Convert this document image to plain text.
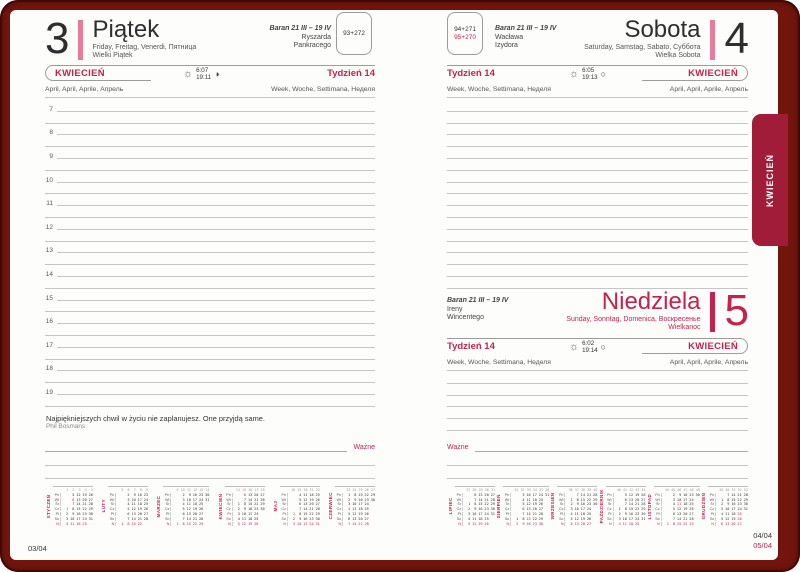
93+272
94+271
95+270
3 Piątek
Friday, Freitag, Venerdi, Пятница
Wielki Piątek
Baran 21 III – 19 IV
Ryszarda
Pankracego
KWIECIEŃ	Tydzień 14
☼ 6:07
19:11 ◑
April, April, Aprile, Апрель	Week, Woche, Settimana, Неделя
7
8
9
10
11
12
13
14
15
16
17
18
19
Najpiękniejszych chwil w życiu nie zaplanujesz. One przyjdą same.
Phil Bosmans
Ważne
STYCZEŃ
1	2	3	4	5
Pn	5 12 19 26
Wt	6 13 20 27
Śr	7 14 21 28
Cz	1	8 15 22 29
Pt	2	9 16 23 30
So	3 10 17 24 31
N	4 11 18 25
LUTY
5	6	7	8	9
Pn	2	9 16 23
Wt	3 10 17 24
Śr	4 11 18 25
Cz	5 12 19 26
Pt	6 13 20 27
So	7 14 21 28
N	1	8 15 22
MARZEC
9 10 11 12 13 14
Pn	2	9 16 23 30
Wt	3 10 17 24 31
Śr	4 11 18 25
Cz	5 12 19 26
Pt	6 13 20 27
So	7 14 21 28
N	1	8 15 22 29
KWIECIEŃ
14 15 16 17 18
Pn	6 13 20 27
Wt	7 14 21 28
Śr	1	8 15 22 29
Cz	2	9 16 23 30
Pt	3 10 17 24
So	4 11 18 25
N	5 12 19 26
MAJ
18 19 20 21 22
Pn	4 11 18 25
Wt	5 12 19 26
Śr	6 13 20 27
Cz	7 14 21 28
Pt	1	8 15 22 29
So	2	9 16 23 30
N	3 10 17 24 31
CZERWIEC
23 24 25 26 27
Pn	1	8 15 22 29
Wt	2	9 16 23 30
Śr	3 10 17 24
Cz	4 11 18 25
Pt	5 12 19 26
So	6 13 20 27
N	7 14 21 28
Baran 21 III – 19 IV
Wacława
Izydora
Sobota
Saturday, Samstag, Sabato, Суббота
Wielka Sobota 4
KWIECIEŃ
Tydzień 14	☼ 6:05
19:13 ○
Week, Woche, Settimana, Неделя	April, April, Aprile, Апрель
Baran 21 III – 19 IV
Ireny
Wincentego
Niedziela
Sunday, Sonntag, Domenica, Воскресенье
Wielkanoc 5
KWIECIEŃ
Tydzień 14	☼ 6:02
19:14 ○
Week, Woche, Settimana, Неделя	April, April, Aprile, Апрель
Ważne
LIPIEC
27 28 29 30 31
Pn	6 13 20 27
Wt	7 14 21 28
Śr	1	8 15 22 29
Cz	2	9 16 23 30
Pt	3 10 17 24 31
So	4 11 18 25
N	5 12 19 26
SIERPIEŃ
31 32 33 34 35 36
Pn	3 10 17 24 31
Wt	4 11 18 25
Śr	5 12 19 26
Cz	6 13 20 27
Pt	7 14 21 28
So	1	8 15 22 29
N	2	9 16 23 30
WRZESIEŃ
36 37 38 39 40
Pn	7 14 21 28
Wt	1	8 15 22 29
Śr	2	9 16 23 30
Cz	3 10 17 24
Pt	4 11 18 25
So	5 12 19 26
N	6 13 20 27
PAŹDZIERNIK	40 41 42 43 44
Pn	5 12 19 26
Wt	6 13 20 27
Śr	7 14 21 28
Cz	1	8 15 22 29
Pt	2	9 16 23 30
So	3 10 17 24 31
N	4 11 18 25
LISTOPAD
44 45 46 47 48 49
Pn	2	9 16 23 30
Wt	3 10 17 24
Śr	4 11 18 25
Cz	5 12 19 26
Pt	6 13 20 27
So	7 14 21 28
N	1	8 15 22 29
GRUDZIEŃ
49 50 51 52 53
Pn	7 14 21 28
Wt	1	8 15 22 29
Śr	2	9 16 23 30
Cz	3 10 17 24 31
Pt	4 11 18 25
So	5 12 19 26
N	6 13 20 27
03/04
04/04
05/04
KWIECIEŃ
